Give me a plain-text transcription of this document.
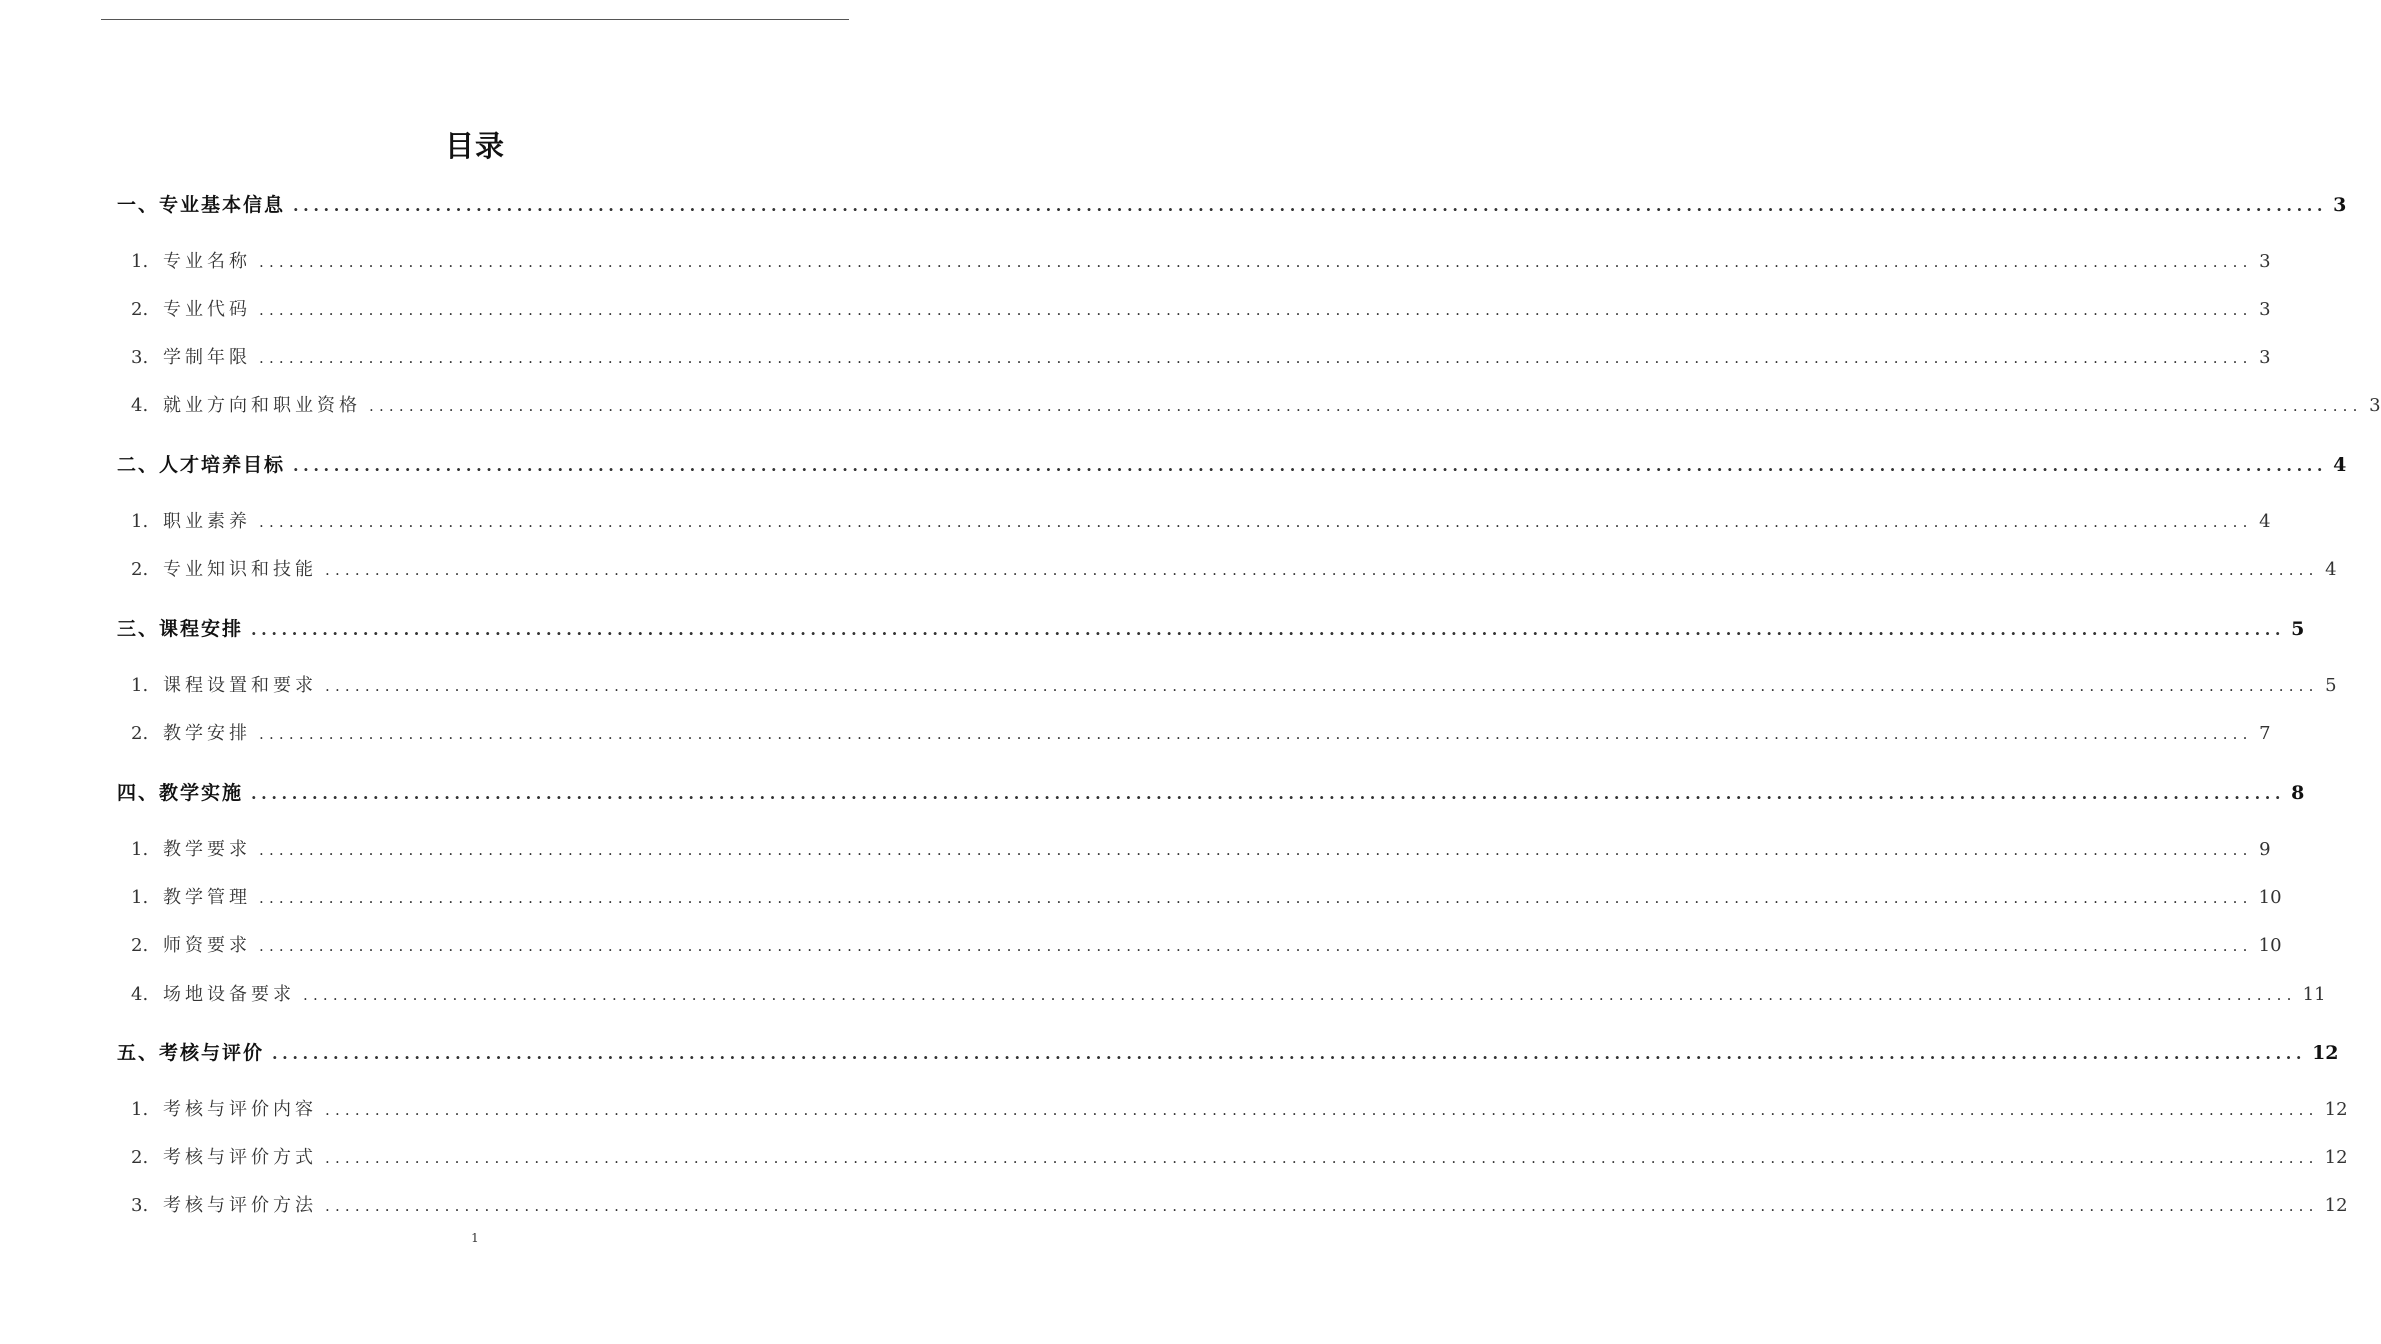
目录
一、专业基本信息 ........................................................................................................................................................................................................ 3
1. 专业名称 ........................................................................................................................................................................................................ 3
2. 专业代码 ........................................................................................................................................................................................................ 3
3. 学制年限 ........................................................................................................................................................................................................ 3
4. 就业方向和职业资格 ........................................................................................................................................................................................................ 3
二、人才培养目标 ........................................................................................................................................................................................................ 4
1. 职业素养 ........................................................................................................................................................................................................ 4
2. 专业知识和技能 ........................................................................................................................................................................................................ 4
三、课程安排 ........................................................................................................................................................................................................ 5
1. 课程设置和要求 ........................................................................................................................................................................................................ 5
2. 教学安排 ........................................................................................................................................................................................................ 7
四、教学实施 ........................................................................................................................................................................................................ 8
1. 教学要求 ........................................................................................................................................................................................................ 9
1. 教学管理 ........................................................................................................................................................................................................ 10
2. 师资要求 ........................................................................................................................................................................................................ 10
4. 场地设备要求 ........................................................................................................................................................................................................ 11
五、考核与评价 ........................................................................................................................................................................................................ 12
1. 考核与评价内容 ........................................................................................................................................................................................................ 12
2. 考核与评价方式 ........................................................................................................................................................................................................ 12
3. 考核与评价方法 ........................................................................................................................................................................................................ 12
1
